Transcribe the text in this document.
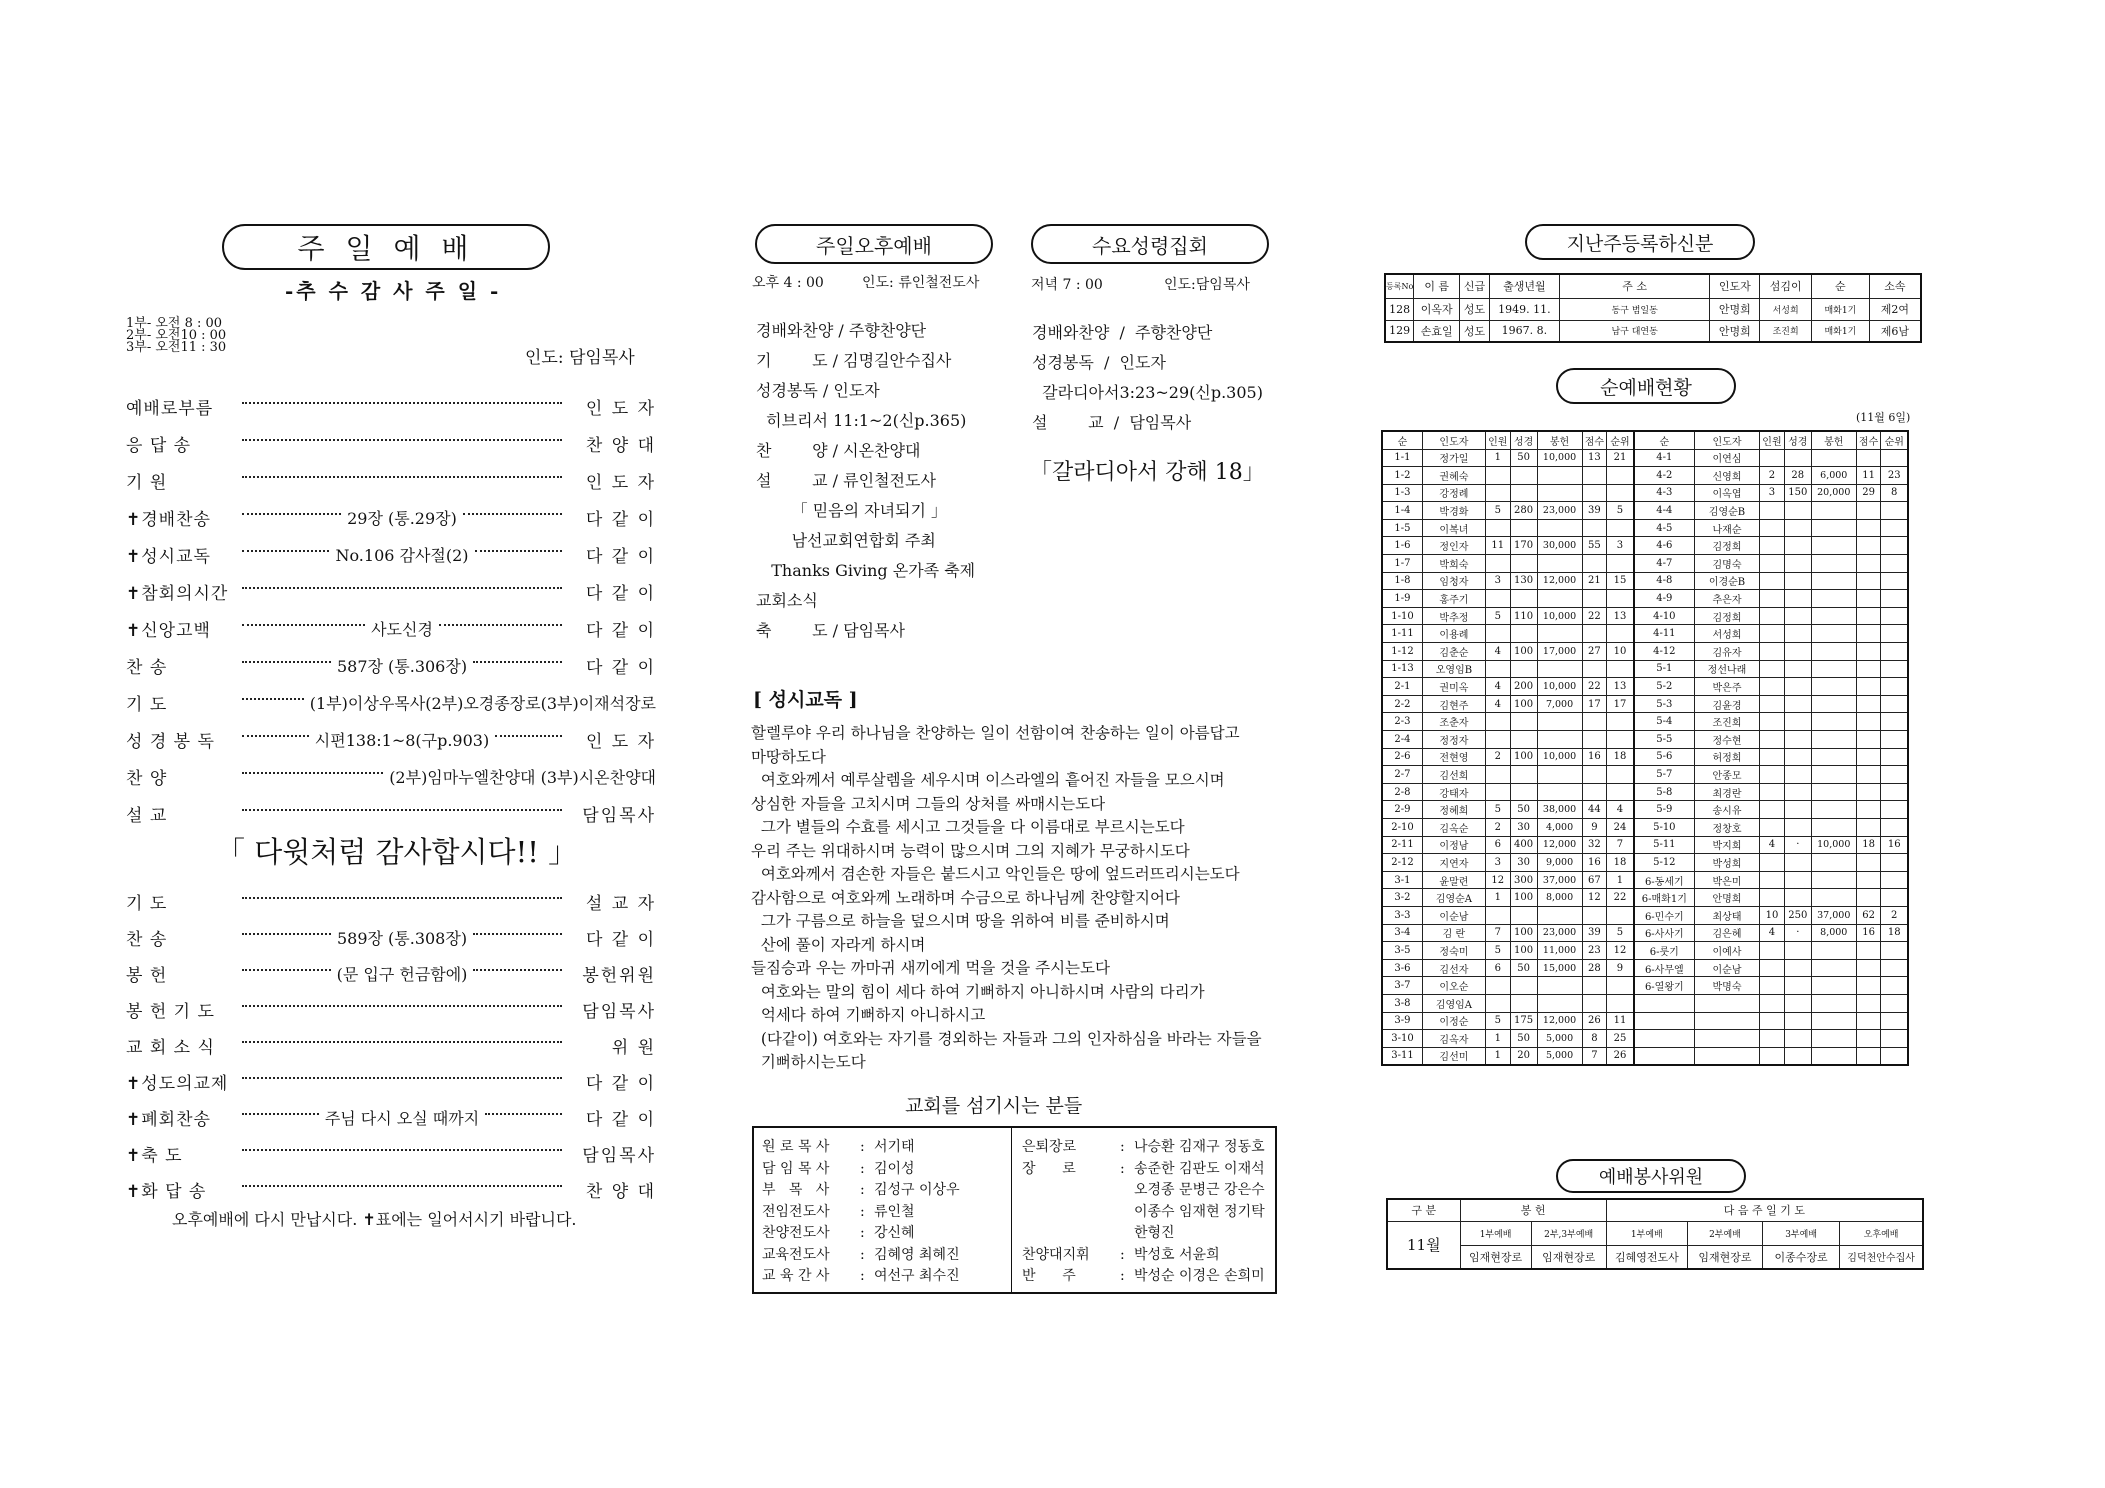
주 일 예 배
-추 수 감 사 주 일 -
1부- 오전 8 : 00
2부- 오전10 : 00
3부- 오전11 : 30
인도: 담임목사
예배로부름	인 도 자
응 답 송	찬 양 대
기 원	인 도 자
✝경배찬송	29장 (통.29장)	다 같 이
✝성시교독	No.106 감사절(2)	다 같 이
✝참회의시간	다 같 이
✝신앙고백	사도신경	다 같 이
찬 송	587장 (통.306장)	다 같 이
기 도	(1부)이상우목사(2부)오경종장로(3부)이재석장로
성 경 봉 독	시편138:1~8(구p.903)	인 도 자
찬 양	(2부)임마누엘찬양대 (3부)시온찬양대
설 교	담임목사
「 다윗처럼 감사합시다!! 」
기 도	설 교 자
찬 송	589장 (통.308장)	다 같 이
봉 헌	(문 입구 헌금함에)	봉헌위원
봉 헌 기 도	담임목사
교 회 소 식	위 원
✝성도의교제	다 같 이
✝폐회찬송	주님 다시 오실 때까지	다 같 이
✝축 도	담임목사
✝화 답 송	찬 양 대
오후예배에 다시 만납시다. ✝표에는 일어서시기 바랍니다.
주일오후예배	수요성령집회
오후 4 : 00	인도: 류인철전도사	저녁 7 : 00	인도:담임목사
경배와찬양 / 주향찬양단
기        도 / 김명길안수집사
성경봉독 / 인도자
히브리서 11:1~2(신p.365)
찬        양 / 시온찬양대
설        교 / 류인철전도사
「 믿음의 자녀되기 」
남선교회연합회 주최
Thanks Giving 온가족 축제
교회소식
축        도 / 담임목사
경배와찬양  /  주향찬양단
성경봉독  /  인도자
갈라디아서3:23~29(신p.305)
설        교  /  담임목사
「갈라디아서 강해 18」
[ 성시교독 ]
할렐루야 우리 하나님을 찬양하는 일이 선함이여 찬송하는 일이 아름답고
마땅하도다
여호와께서 예루살렘을 세우시며 이스라엘의 흩어진 자들을 모으시며
상심한 자들을 고치시며 그들의 상처를 싸매시는도다
그가 별들의 수효를 세시고 그것들을 다 이름대로 부르시는도다
우리 주는 위대하시며 능력이 많으시며 그의 지혜가 무궁하시도다
여호와께서 겸손한 자들은 붙드시고 악인들은 땅에 엎드러뜨리시는도다
감사함으로 여호와께 노래하며 수금으로 하나님께 찬양할지어다
그가 구름으로 하늘을 덮으시며 땅을 위하여 비를 준비하시며
산에 풀이 자라게 하시며
들짐승과 우는 까마귀 새끼에게 먹을 것을 주시는도다
여호와는 말의 힘이 세다 하여 기뻐하지 아니하시며 사람의 다리가
억세다 하여 기뻐하지 아니하시고
(다같이) 여호와는 자기를 경외하는 자들과 그의 인자하심을 바라는 자들을
기뻐하시는도다
교회를 섬기시는 분들
원 로 목 사 : 서기태
담 임 목 사 : 김이성
부   목   사 : 김성구 이상우
전임전도사 : 류인철
찬양전도사 : 강신혜
교육전도사 : 김혜영 최혜진
교 육 간 사 : 여선구 최수진
은퇴장로	: 나승환 김재구 정동호
장      로	: 송준한 김판도 이재석
오경종 문병근 강은수
이종수 임재현 정기탁
한형진
찬양대지휘 : 박성호 서윤희
반      주	: 박성순 이경은 손희미
지난주등록하신분
등록No	이 름	신급	출생년월	주 소	인도자	섬김이	순	소속
128	이옥자	성도	1949. 11.	동구 범일동	안명희	서성희	매화1기	제2여
129	손효일	성도	1967. 8.	남구 대연동	안명희	조진희	매화1기	제6남
순예배현황
(11월 6일)
순	인도자	인원	성경	봉헌	점수	순위	순	인도자	인원	성경	봉헌	점수	순위
1-1	정가일	1	50	10,000	13	21	4-1	이연심					
1-2	권혜숙						4-2	신영희	2	28	6,000	11	23
1-3	강정례						4-3	이옥엽	3	150	20,000	29	8
1-4	박경화	5	280	23,000	39	5	4-4	김영순B					
1-5	이복녀						4-5	나재순					
1-6	정인자	11	170	30,000	55	3	4-6	김정희					
1-7	박희숙						4-7	김명숙					
1-8	임청자	3	130	12,000	21	15	4-8	이경순B					
1-9	홍주기						4-9	추은자					
1-10	박추정	5	110	10,000	22	13	4-10	김정희					
1-11	이용례						4-11	서성희					
1-12	김춘순	4	100	17,000	27	10	4-12	김유자					
1-13	오영임B						5-1	정선나래					
2-1	권미옥	4	200	10,000	22	13	5-2	박은주					
2-2	김현주	4	100	7,000	17	17	5-3	김윤경					
2-3	조춘자						5-4	조진희					
2-4	정정자						5-5	정수현					
2-6	전현영	2	100	10,000	16	18	5-6	허정희					
2-7	김선희						5-7	안종모					
2-8	강태자						5-8	최경란					
2-9	정혜희	5	50	38,000	44	4	5-9	송시유					
2-10	김옥순	2	30	4,000	9	24	5-10	정창호					
2-11	이정남	6	400	12,000	32	7	5-11	박지희	4	·	10,000	18	16
2-12	지연자	3	30	9,000	16	18	5-12	박성희					
3-1	윤말련	12	300	37,000	67	1	6-동세기	박은미					
3-2	김영순A	1	100	8,000	12	22	6-매화1기	안명희					
3-3	이순남						6-민수기	최상태	10	250	37,000	62	2
3-4	김 란	7	100	23,000	39	5	6-사사기	김은혜	4	·	8,000	16	18
3-5	정숙미	5	100	11,000	23	12	6-룻기	이예사					
3-6	김선자	6	50	15,000	28	9	6-사무엘	이순남					
3-7	이오순						6-열왕기	박명숙					
3-8	김영임A												
3-9	이정순	5	175	12,000	26	11							
3-10	김옥자	1	50	5,000	8	25							
3-11	김선미	1	20	5,000	7	26							
예배봉사위원
구 분	봉 헌		다 음 주 일 기 도			
11월	1부예배	2부,3부예배	1부예배	2부예배	3부예배	오후예배
	임재현장로	임재현장로	김혜영전도사	임재현장로	이종수장로	김덕천안수집사
